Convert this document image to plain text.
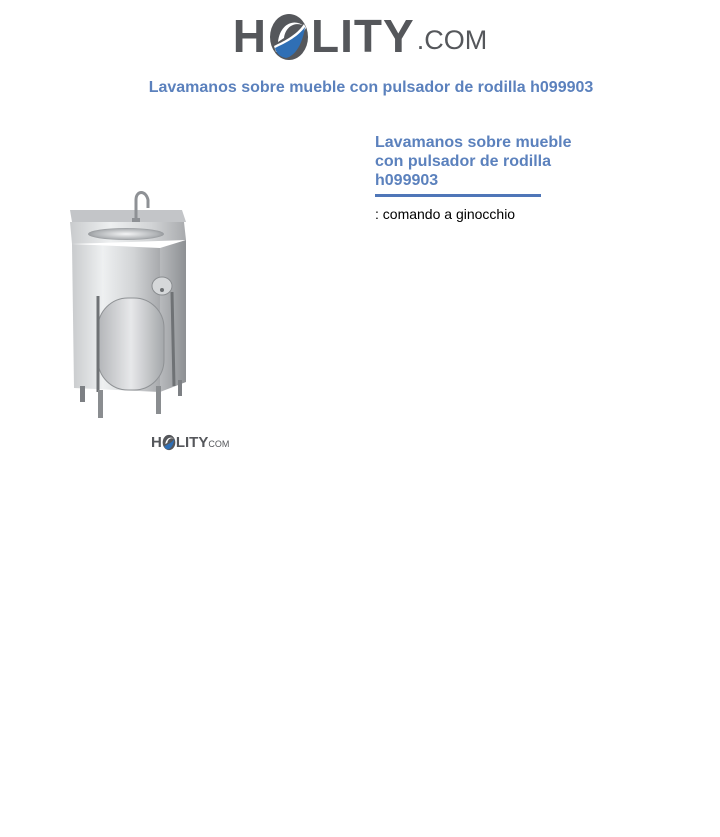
H LITY .COM
Lavamanos sobre mueble con pulsador de rodilla h099903
H LITY COM
Lavamanos sobre mueble con pulsador de rodilla h099903
: comando a ginocchio
